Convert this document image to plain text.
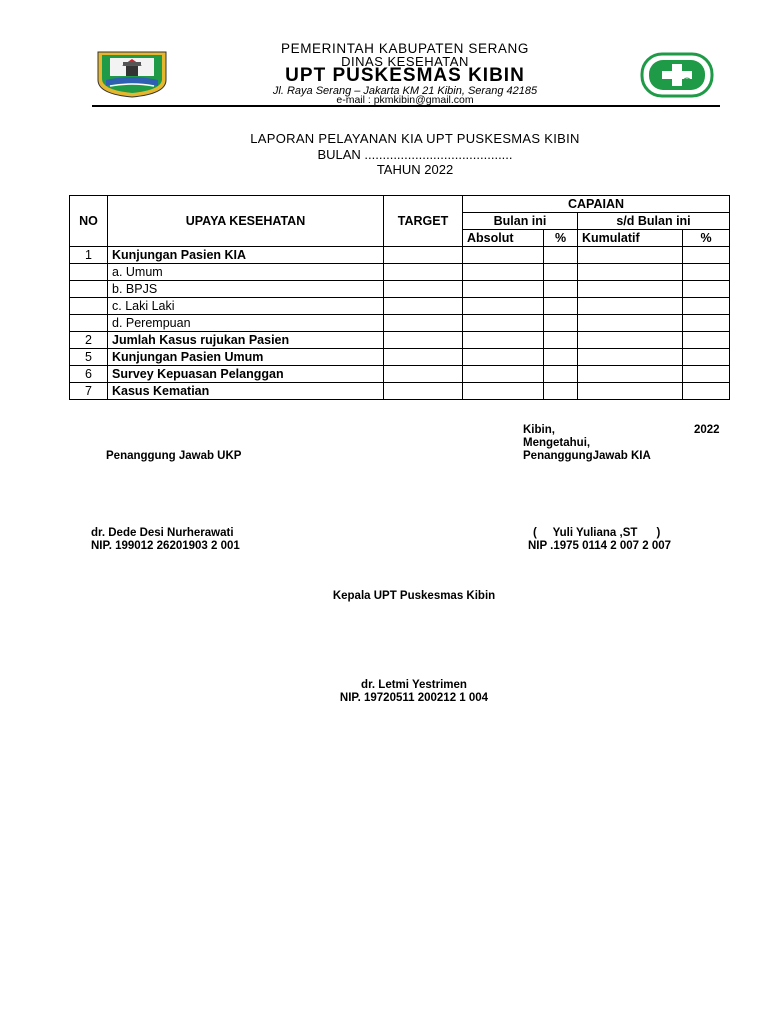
PEMERINTAH KABUPATEN SERANG
DINAS KESEHATAN
UPT PUSKESMAS KIBIN
Jl. Raya Serang – Jakarta KM 21 Kibin, Serang 42185
e-mail : pkmkibin@gmail.com
LAPORAN PELAYANAN KIA UPT PUSKESMAS KIBIN
BULAN .........................................
TAHUN 2022
NO	UPAYA KESEHATAN	TARGET	CAPAIAN			
			Bulan ini		s/d Bulan ini	
			Absolut	%	Kumulatif	%
1	Kunjungan Pasien KIA					
	a. Umum					
	b. BPJS					
	c. Laki Laki					
	d. Perempuan					
2	Jumlah Kasus rujukan Pasien					
5	Kunjungan Pasien Umum					
6	Survey Kepuasan Pelanggan					
7	Kasus Kematian					
Kibin,	2022
Mengetahui,
Penanggung Jawab UKP	PenanggungJawab KIA
dr. Dede Desi Nurherawati
NIP. 199012 26201903 2 001
(     Yuli Yuliana ,ST      )
NIP .1975 0114 2 007 2 007
Kepala UPT Puskesmas Kibin
dr. Letmi Yestrimen
NIP. 19720511 200212 1 004
